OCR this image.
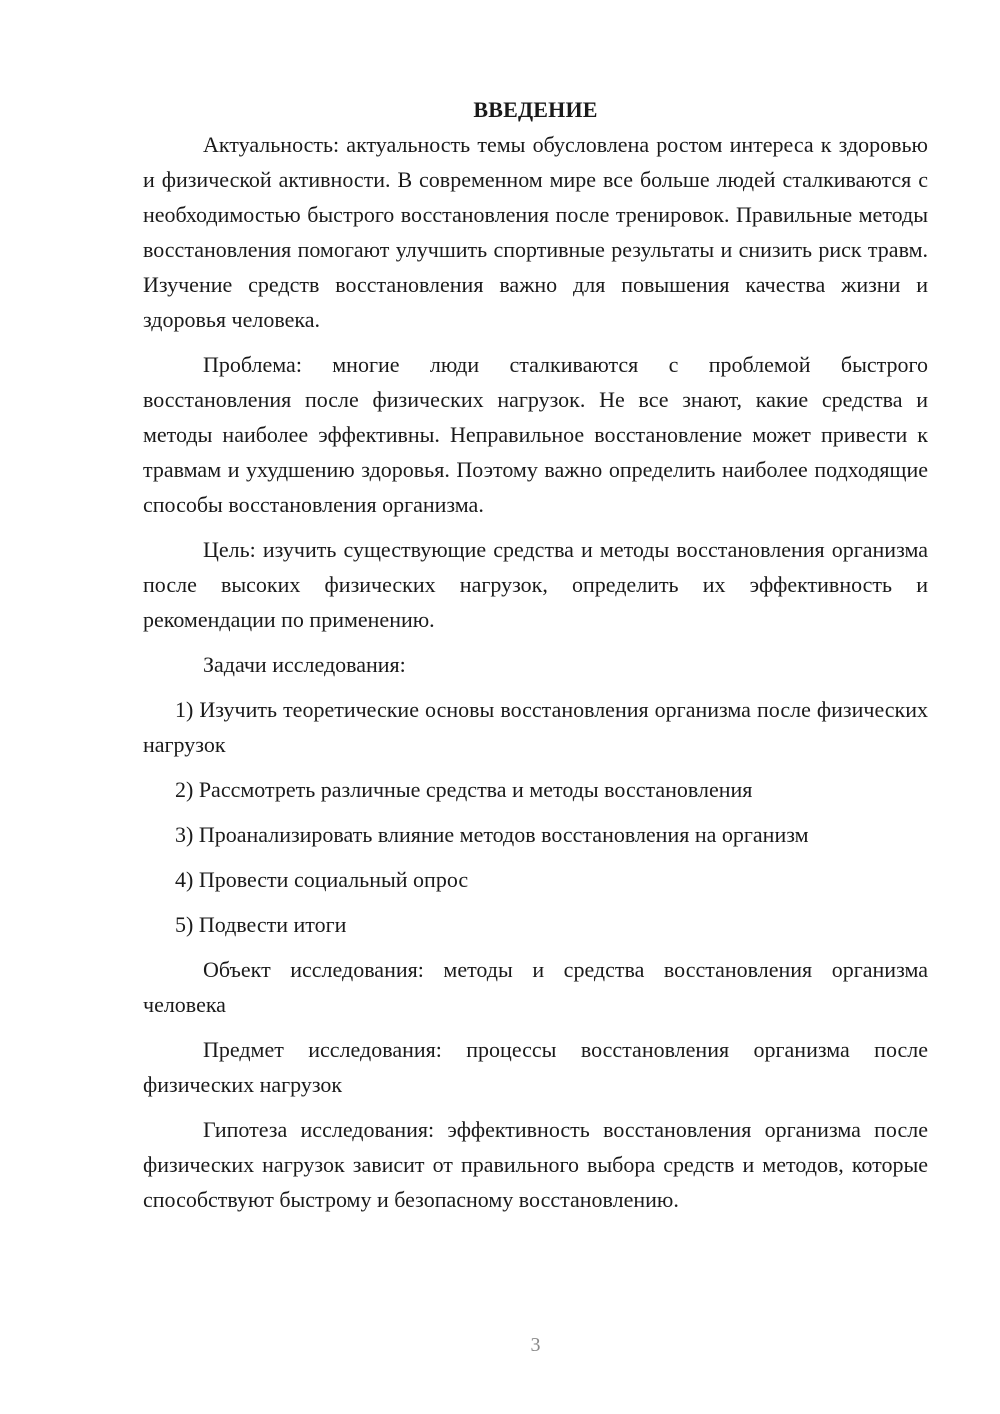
ВВЕДЕНИЕ

Актуальность: актуальность темы обусловлена ростом интереса к здоровью и физической активности. В современном мире все больше людей сталкиваются с необходимостью быстрого восстановления после тренировок. Правильные методы восстановления помогают улучшить спортивные результаты и снизить риск травм. Изучение средств восстановления важно для повышения качества жизни и здоровья человека.

Проблема: многие люди сталкиваются с проблемой быстрого восстановления после физических нагрузок. Не все знают, какие средства и методы наиболее эффективны. Неправильное восстановление может привести к травмам и ухудшению здоровья. Поэтому важно определить наиболее подходящие способы восстановления организма.

Цель: изучить существующие средства и методы восстановления организма после высоких физических нагрузок, определить их эффективность и рекомендации по применению.

Задачи исследования:

1) Изучить теоретические основы восстановления организма после физических нагрузок
2) Рассмотреть различные средства и методы восстановления
3) Проанализировать влияние методов восстановления на организм
4) Провести социальный опрос
5) Подвести итоги

Объект исследования: методы и средства восстановления организма человека

Предмет исследования: процессы восстановления организма после физических нагрузок

Гипотеза исследования: эффективность восстановления организма после физических нагрузок зависит от правильного выбора средств и методов, которые способствуют быстрому и безопасному восстановлению.

3
